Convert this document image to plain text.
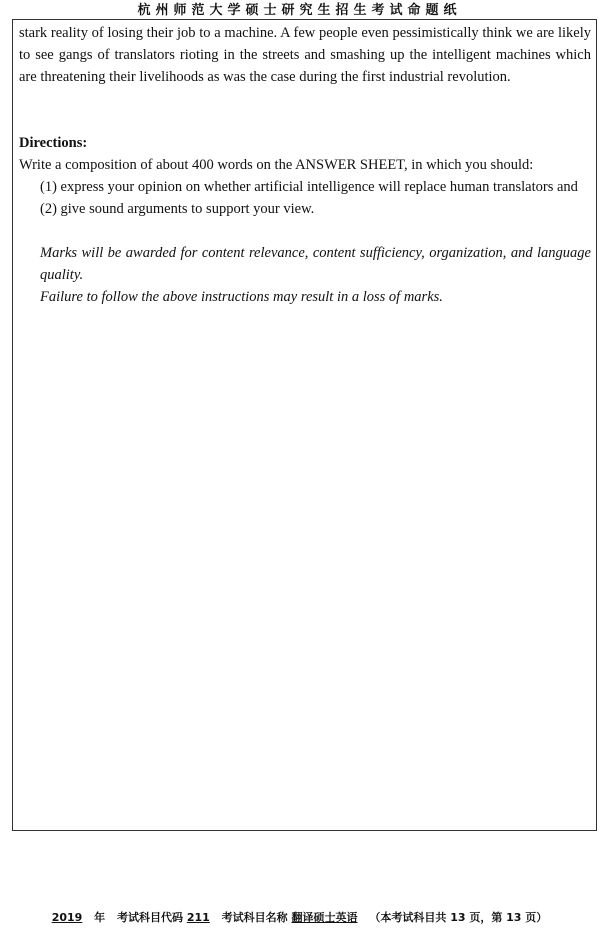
杭州师范大学硕士研究生招生考试命题纸

stark reality of losing their job to a machine. A few people even pessimistically think we are likely to see gangs of translators rioting in the streets and smashing up the intelligent machines which are threatening their livelihoods as was the case during the first industrial revolution.

Directions:

Write a composition of about 400 words on the ANSWER SHEET, in which you should:

(1) express your opinion on whether artificial intelligence will replace human translators and

(2) give sound arguments to support your view.

Marks will be awarded for content relevance, content sufficiency, organization, and language quality.

Failure to follow the above instructions may result in a loss of marks.

2019 年 考试科目代码 211 考试科目名称 翻译硕士英语 （本考试科目共 13 页，第 13 页）
